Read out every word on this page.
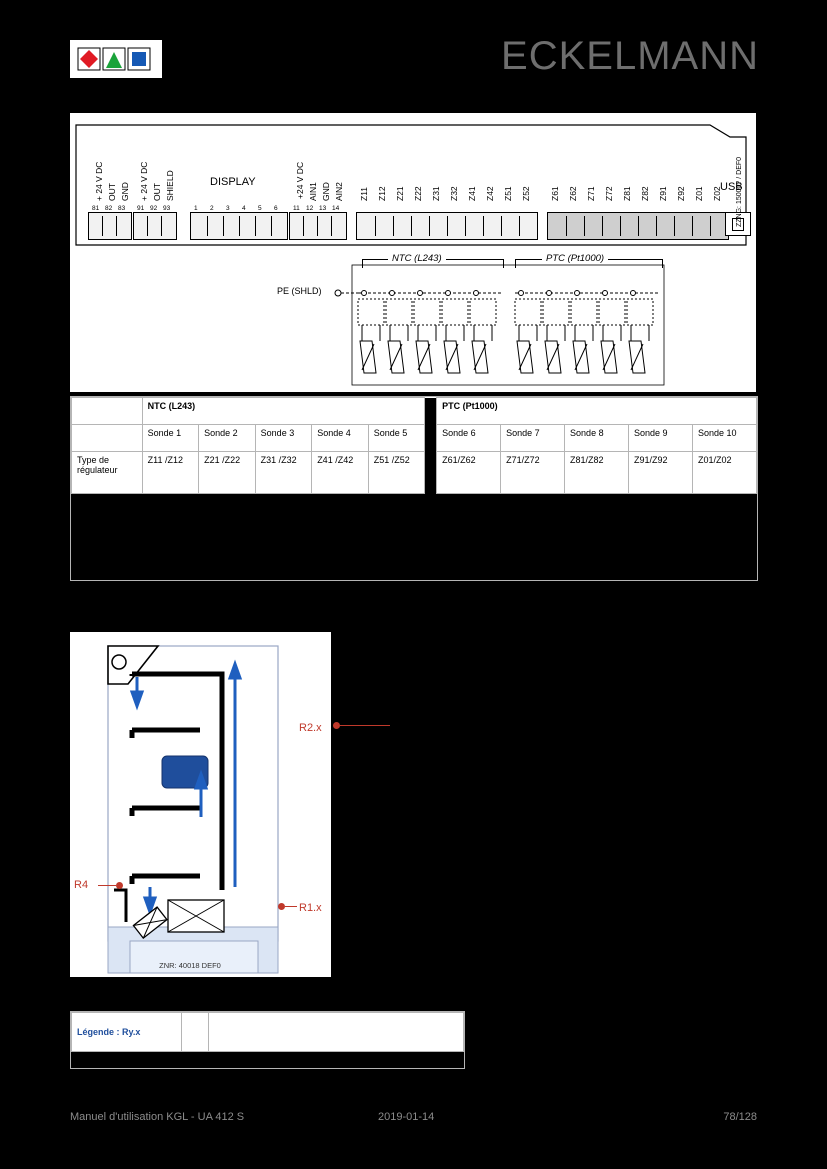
ECKELMANN
+ 24 V DC OUT GND + 24 V DC OUT SHIELD	DISPLAY	+24 V DC AIN1 GND AIN2 Z11 Z12 Z21 Z22 Z31 Z32 Z41 Z42 Z51 Z52 Z61 Z62 Z71 Z72 Z81 Z82 Z91 Z92 Z01 Z02
USB
81 82 83 91 92 93	1 2 3 4 5 6 11 12 13 14	ZZNG: 15000? / DEF0
NTC (L243)	PTC (Pt1000)
PE (SHLD)
	NTC (L243)						PTC (Pt1000)				
	Sonde 1	Sonde 2	Sonde 3	Sonde 4	Sonde 5		Sonde 6	Sonde 7	Sonde 8	Sonde 9	Sonde 10
Type de régulateur	Z11 /Z12	Z21 /Z22	Z31 /Z32	Z41 /Z42	Z51 /Z52		Z61/Z62	Z71/Z72	Z81/Z82	Z91/Z92	Z01/Z02

ZNR: 40018 DEF0
R2.x
R1.x
R4
Légende : Ry.x		

Manuel d'utilisation KGL - UA 412 S	2019-01-14	78/128
